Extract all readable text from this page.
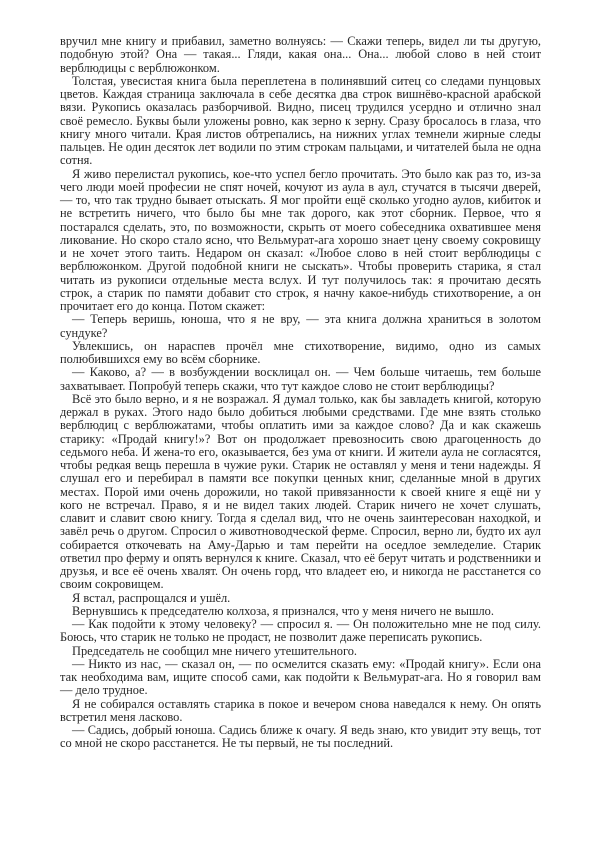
вручил мне книгу и прибавил, заметно волнуясь: — Скажи теперь, видел ли ты другую, подобную этой? Она — такая... Гляди, какая она... Она... любой слово в ней стоит верблюдицы с верблюжонком.

Толстая, увесистая книга была переплетена в полинявший ситец со следами пунцовых цветов. Каждая страница заключала в себе десятка два строк вишнёво-красной арабской вязи. Рукопись оказалась разборчивой. Видно, писец трудился усердно и отлично знал своё ремесло. Буквы были уложены ровно, как зерно к зерну. Сразу бросалось в глаза, что книгу много читали. Края листов обтрепались, на нижних углах темнели жирные следы пальцев. Не один десяток лет водили по этим строкам пальцами, и читателей была не одна сотня.

Я живо перелистал рукопись, кое-что успел бегло прочитать. Это было как раз то, из-за чего люди моей професии не спят ночей, кочуют из аула в аул, стучатся в тысячи дверей, — то, что так трудно бывает отыскать. Я мог пройти ещё сколько угодно аулов, кибиток и не встретить ничего, что было бы мне так дорого, как этот сборник. Первое, что я постарался сделать, это, по возможности, скрыть от моего собеседника охватившее меня ликование. Но скоро стало ясно, что Вельмурат-ага хорошо знает цену своему сокровищу и не хочет этого таить. Недаром он сказал: «Любое слово в ней стоит верблюдицы с верблюжонком. Другой подобной книги не сыскать». Чтобы проверить старика, я стал читать из рукописи отдельные места вслух. И тут получилось так: я прочитаю десять строк, а старик по памяти добавит сто строк, я начну какое-нибудь стихотворение, а он прочитает его до конца. Потом скажет:

— Теперь веришь, юноша, что я не вру, — эта книга должна храниться в золотом сундуке?

Увлекшись, он нараспев прочёл мне стихотворение, видимо, одно из самых полюбившихся ему во всём сборнике.

— Каково, а? — в возбуждении восклицал он. — Чем больше читаешь, тем больше захватывает. Попробуй теперь скажи, что тут каждое слово не стоит верблюдицы?

Всё это было верно, и я не возражал. Я думал только, как бы завладеть книгой, которую держал в руках. Этого надо было добиться любыми средствами. Где мне взять столько верблюдиц с верблюжатами, чтобы оплатить ими за каждое слово? Да и как скажешь старику: «Продай книгу!»? Вот он продолжает превозносить свою драгоценность до седьмого неба. И жена-то его, оказывается, без ума от книги. И жители аула не согласятся, чтобы редкая вещь перешла в чужие руки. Старик не оставлял у меня и тени надежды. Я слушал его и перебирал в памяти все покупки ценных книг, сделанные мной в других местах. Порой ими очень дорожили, но такой привязанности к своей книге я ещё ни у кого не встречал. Право, я и не видел таких людей. Старик ничего не хочет слушать, славит и славит свою книгу. Тогда я сделал вид, что не очень заинтересован находкой, и завёл речь о другом. Спросил о животноводческой ферме. Спросил, верно ли, будто их аул собирается откочевать на Аму-Дарью и там перейти на оседлое земледелие. Старик ответил про ферму и опять вернулся к книге. Сказал, что её берут читать и родственники и друзья, и все её очень хвалят. Он очень горд, что владеет ею, и никогда не расстанется со своим сокровищем.

Я встал, распрощался и ушёл.

Вернувшись к председателю колхоза, я признался, что у меня ничего не вышло.

— Как подойти к этому человеку? — спросил я. — Он положительно мне не под силу. Боюсь, что старик не только не продаст, не позволит даже переписать рукопись.

Председатель не сообщил мне ничего утешительного.

— Никто из нас, — сказал он, — по осмелится сказать ему: «Продай книгу». Если она так необходима вам, ищите способ сами, как подойти к Вельмурат-ага. Но я говорил вам — дело трудное.

Я не собирался оставлять старика в покое и вечером снова наведался к нему. Он опять встретил меня ласково.

— Садись, добрый юноша. Садись ближе к очагу. Я ведь знаю, кто увидит эту вещь, тот со мной не скоро расстанется. Не ты первый, не ты последний.
